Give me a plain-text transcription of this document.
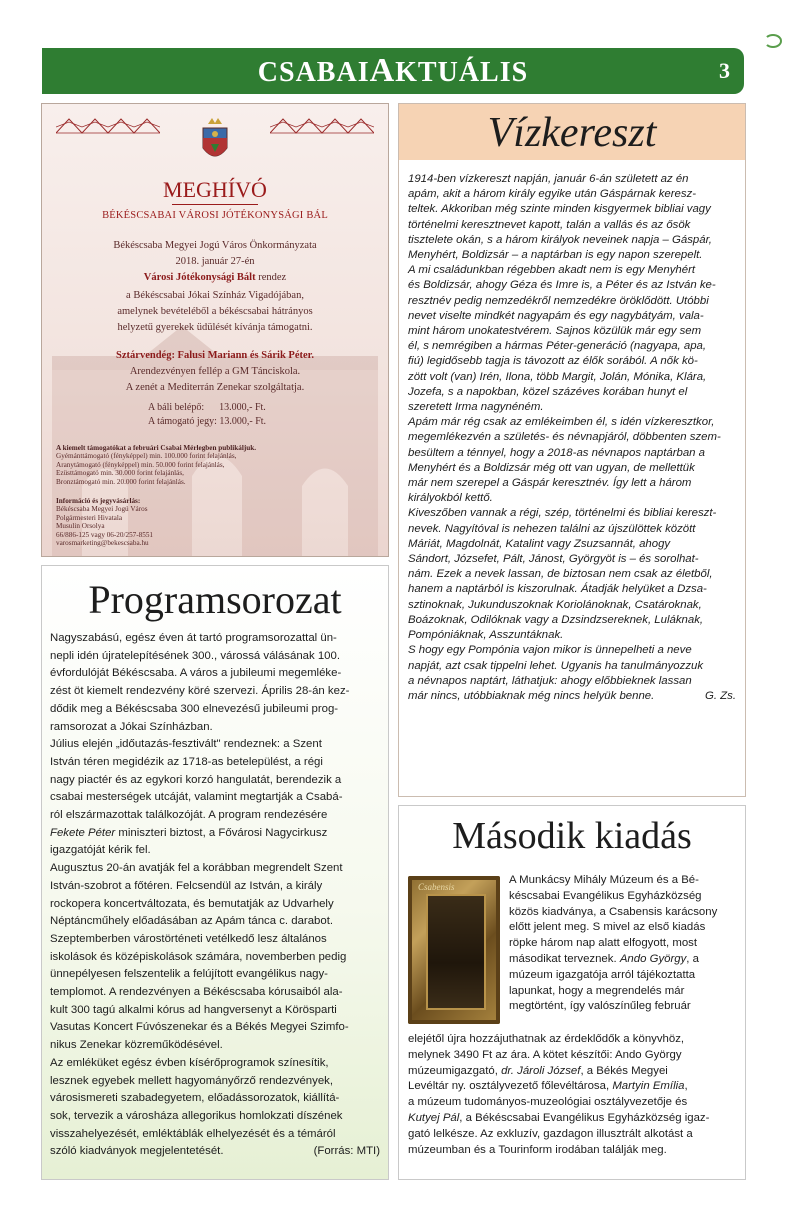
CSABAIAKTUÁLIS	3
MEGHÍVÓ
BÉKÉSCSABAI VÁROSI JÓTÉKONYSÁGI BÁL
Békéscsaba Megyei Jogú Város Önkormányzata
2018. január 27-én
Városi Jótékonysági Bált rendez
a Békéscsabai Jókai Színház Vigadójában,
amelynek bevételéből a békéscsabai hátrányos
helyzetű gyerekek üdülését kívánja támogatni.
Sztárvendég: Falusi Mariann és Sárik Péter.
Arendezvényen fellép a GM Tánciskola.
A zenét a Mediterrán Zenekar szolgáltatja.
A báli belépő: 13.000,- Ft.
A támogató jegy: 13.000,- Ft.
A kiemelt támogatókat a februári Csabai Mérlegben publikáljuk.
Gyémánttámogató (fényképpel) min. 100.000 forint felajánlás,
Aranytámogató (fényképpel) min. 50.000 forint felajánlás,
Ezüsttámogató min. 30.000 forint felajánlás,
Bronztámogató min. 20.000 forint felajánlás.
Információ és jegyvásárlás:
Békéscsaba Megyei Jogú Város
Polgármesteri Hivatala
Musulin Orsolya
66/886-125 vagy 06-20/257-8551
varosmarketing@bekescsaba.hu
Vízkereszt
1914-ben vízkereszt napján, január 6-án született az én
apám, akit a három király egyike után Gáspárnak keresz-
teltek. Akkoriban még szinte minden kisgyermek bibliai vagy
történelmi keresztnevet kapott, talán a vallás és az ősök
tisztelete okán, s a három királyok neveinek napja – Gáspár,
Menyhért, Boldizsár – a naptárban is egy napon szerepelt.
A mi családunkban régebben akadt nem is egy Menyhért
és Boldizsár, ahogy Géza és Imre is, a Péter és az István ke-
resztnév pedig nemzedékről nemzedékre öröklődött. Utóbbi
nevet viselte mindkét nagyapám és egy nagybátyám, vala-
mint három unokatestvérem. Sajnos közülük már egy sem
él, s nemrégiben a hármas Péter-generáció (nagyapa, apa,
fiú) legidősebb tagja is távozott az élők sorából. A nők kö-
zött volt (van) Irén, Ilona, több Margit, Jolán, Mónika, Klára,
Jozefa, s a napokban, közel százéves korában hunyt el
szeretett Irma nagynéném.
Apám már rég csak az emlékeimben él, s idén vízkeresztkor,
megemlékezvén a születés- és névnapjáról, döbbenten szem-
besültem a ténnyel, hogy a 2018-as névnapos naptárban a
Menyhért és a Boldizsár még ott van ugyan, de mellettük
már nem szerepel a Gáspár keresztnév. Így lett a három
királyokból kettő.
Kiveszőben vannak a régi, szép, történelmi és bibliai kereszt-
nevek. Nagyítóval is nehezen találni az újszülöttek között
Máriát, Magdolnát, Katalint vagy Zsuzsannát, ahogy
Sándort, Józsefet, Pált, Jánost, Györgyöt is – és sorolhat-
nám. Ezek a nevek lassan, de biztosan nem csak az életből,
hanem a naptárból is kiszorulnak. Átadják helyüket a Dzsa-
sztinoknak, Jukunduszoknak Koriolánoknak, Csatároknak,
Boázoknak, Odilóknak vagy a Dzsindzsereknek, Luláknak,
Pompóniáknak, Asszuntáknak.
S hogy egy Pompónia vajon mikor is ünnepelheti a neve
napját, azt csak tippelni lehet. Ugyanis ha tanulmányozzuk
a névnapos naptárt, láthatjuk: ahogy előbbieknek lassan
már nincs, utóbbiaknak még nincs helyük benne.	G. Zs.
Programsorozat
Nagyszabású, egész éven át tartó programsorozattal ün-
nepli idén újratelepítésének 300., várossá válásának 100.
évfordulóját Békéscsaba. A város a jubileumi megemléke-
zést öt kiemelt rendezvény köré szervezi. Április 28-án kez-
dődik meg a Békéscsaba 300 elnevezésű jubileumi prog-
ramsorozat a Jókai Színházban.
Július elején „időutazás-fesztivált" rendeznek: a Szent
István téren megidézik az 1718-as betelepülést, a régi
nagy piactér és az egykori korzó hangulatát, berendezik a
csabai mesterségek utcáját, valamint megtartják a Csabá-
ról elszármazottak találkozóját. A program rendezésére
Fekete Péter miniszteri biztost, a Fővárosi Nagycirkusz
igazgatóját kérik fel.
Augusztus 20-án avatják fel a korábban megrendelt Szent
István-szobrot a főtéren. Felcsendül az István, a király
rockopera koncertváltozata, és bemutatják az Udvarhely
Néptáncműhely előadásában az Apám tánca c. darabot.
Szeptemberben várostörténeti vetélkedő lesz általános
iskolások és középiskolások számára, novemberben pedig
ünnepélyesen felszentelik a felújított evangélikus nagy-
templomot. A rendezvényen a Békéscsaba kórusaiból ala-
kult 300 tagú alkalmi kórus ad hangversenyt a Körösparti
Vasutas Koncert Fúvószenekar és a Békés Megyei Szimfo-
nikus Zenekar közreműködésével.
Az emléküket egész évben kísérőprogramok színesítik,
lesznek egyebek mellett hagyományőrző rendezvények,
városismereti szabadegyetem, előadássorozatok, kiállítá-
sok, tervezik a városháza allegorikus homlokzati díszének
visszahelyezését, emléktáblák elhelyezését és a témáról
szóló kiadványok megjelentetését.	(Forrás: MTI)
Második kiadás
Csabensis
A Munkácsy Mihály Múzeum és a Bé-
késcsabai Evangélikus Egyházközség
közös kiadványa, a Csabensis karácsony
előtt jelent meg. S mivel az első kiadás
röpke három nap alatt elfogyott, most
másodikat terveznek. Ando György, a
múzeum igazgatója arról tájékoztatta
lapunkat, hogy a megrendelés már
megtörtént, így valószínűleg február
elejétől újra hozzájuthatnak az érdeklődők a könyvhöz,
melynek 3490 Ft az ára. A kötet készítői: Ando György
múzeumigazgató, dr. Jároli József, a Békés Megyei
Levéltár ny. osztályvezető főlevéltárosa, Martyin Emília,
a múzeum tudományos-muzeológiai osztályvezetője és
Kutyej Pál, a Békéscsabai Evangélikus Egyházközség igaz-
gató lelkésze. Az exkluzív, gazdagon illusztrált alkotást a
múzeumban és a Tourinform irodában találják meg.
